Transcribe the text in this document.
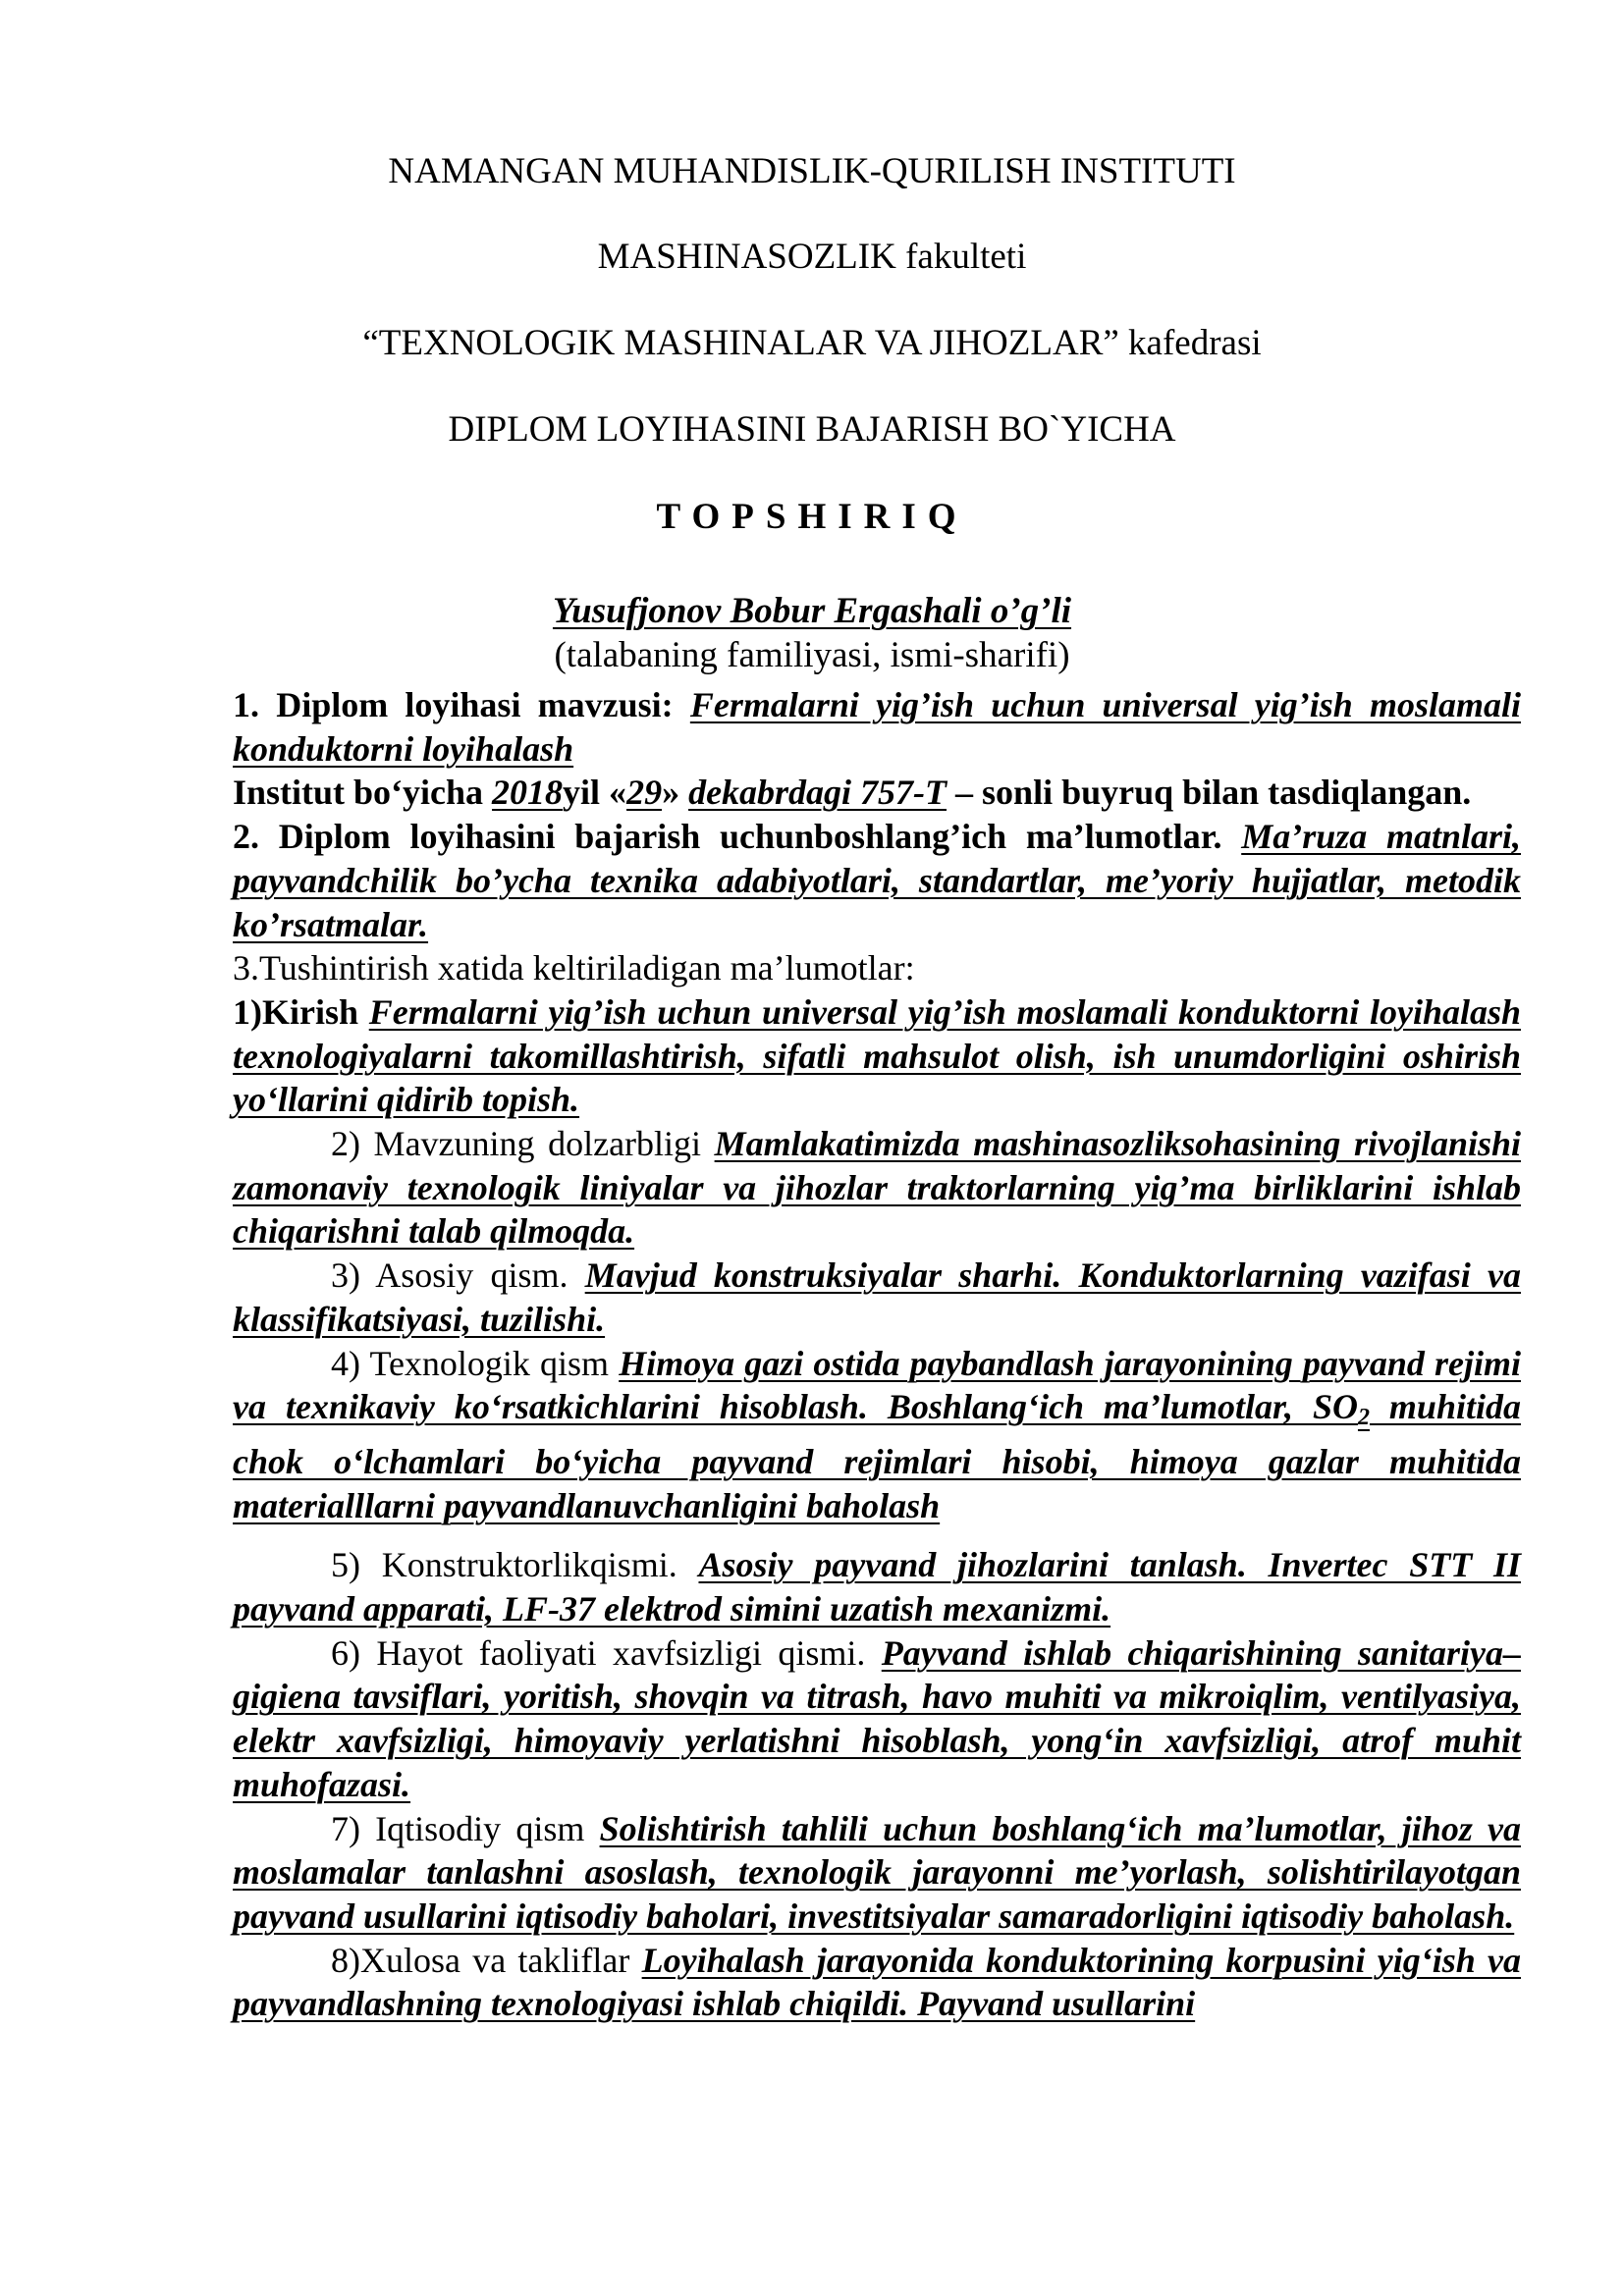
NAMANGAN MUHANDISLIK-QURILISH INSTITUTI
MASHINASOZLIK fakulteti
“TEXNOLOGIK MASHINALAR VA JIHOZLAR” kafedrasi
DIPLOM LOYIHASINI BAJARISH BO`YICHA
TOPSHIRIQ
Yusufjonov Bobur Ergashali o’g’li
(talabaning familiyasi, ismi-sharifi)

1. Diplom loyihasi mavzusi: Fermalarni yig’ish uchun universal yig’ish moslamali konduktorni loyihalash

Institut bo‘yicha 2018yil «29» dekabrdagi 757-T – sonli buyruq bilan tasdiqlangan.

2. Diplom loyihasini bajarish uchunboshlang’ich ma’lumotlar. Ma’ruza matnlari, payvandchilik bo’ycha texnika adabiyotlari, standartlar, me’yoriy hujjatlar, metodik ko’rsatmalar.

3.Tushintirish xatida keltiriladigan ma’lumotlar:

1)Kirish Fermalarni yig’ish uchun universal yig’ish moslamali konduktorni loyihalash texnologiyalarni takomillashtirish, sifatli mahsulot olish, ish unumdorligini oshirish yo‘llarini qidirib topish.

2) Mavzuning dolzarbligi Mamlakatimizda mashinasozliksohasining rivojlanishi zamonaviy texnologik liniyalar va jihozlar traktorlarning yig’ma birliklarini ishlab chiqarishni talab qilmoqda.

3) Asosiy qism. Mavjud konstruksiyalar sharhi. Konduktorlarning vazifasi va klassifikatsiyasi, tuzilishi.

4) Texnologik qism Himoya gazi ostida paybandlash jarayonining payvand rejimi va texnikaviy ko‘rsatkichlarini hisoblash. Boshlang‘ich ma’lumotlar, $SO_2$ muhitida chok o‘lchamlari bo‘yicha payvand rejimlari hisobi, himoya gazlar muhitida materialllarni payvandlanuvchanligini baholash

5) Konstruktorlikqismi. Asosiy payvand jihozlarini tanlash. Invertec STT II payvand apparati, LF-37 elektrod simini uzatish mexanizmi.

6) Hayot faoliyati xavfsizligi qismi. Payvand ishlab chiqarishining sanitariya–gigiena tavsiflari, yoritish, shovqin va titrash, havo muhiti va mikroiqlim, ventilyasiya, elektr xavfsizligi, himoyaviy yerlatishni hisoblash, yong‘in xavfsizligi, atrof muhit muhofazasi.

7) Iqtisodiy qism Solishtirish tahlili uchun boshlang‘ich ma’lumotlar, jihoz va moslamalar tanlashni asoslash, texnologik jarayonni me’yorlash, solishtirilayotgan payvand usullarini iqtisodiy baholari, investitsiyalar samaradorligini iqtisodiy baholash.

8)Xulosa va takliflar Loyihalash jarayonida konduktorining korpusini yig‘ish va payvandlashning texnologiyasi ishlab chiqildi. Payvand usullarini
